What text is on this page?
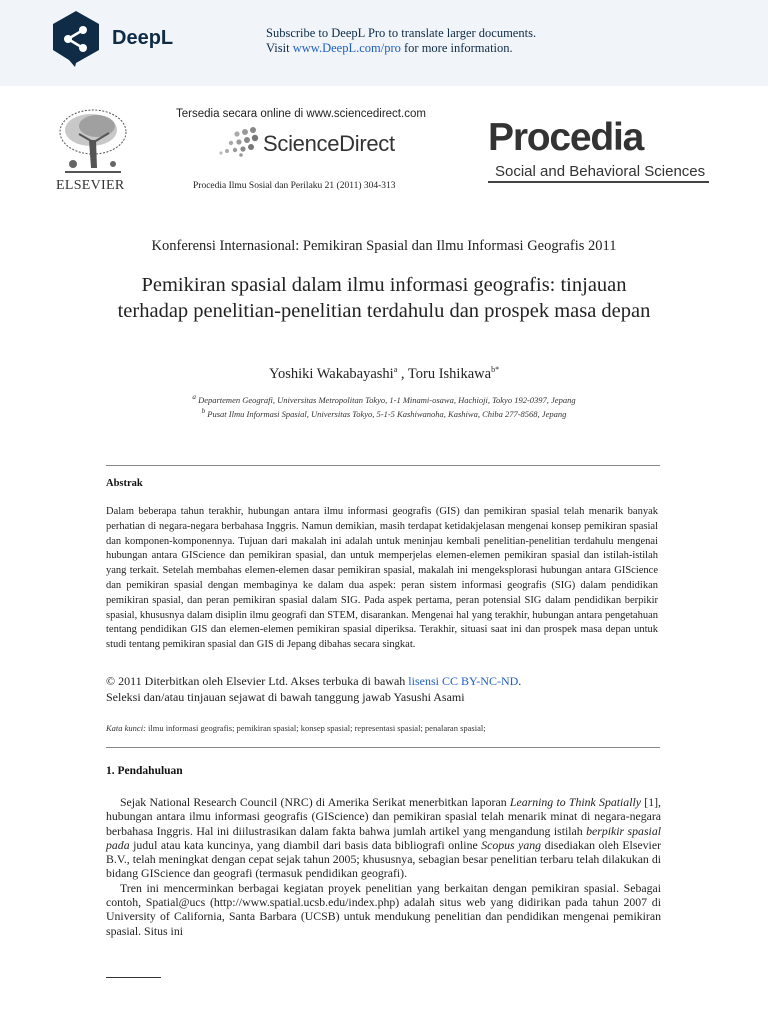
DeepL	Subscribe to DeepL Pro to translate larger documents.
Visit www.DeepL.com/pro for more information.
ELSEVIER
Tersedia secara online di www.sciencedirect.com
ScienceDirect
Procedia Ilmu Sosial dan Perilaku 21 (2011) 304-313
Procedia
Social and Behavioral Sciences
Konferensi Internasional: Pemikiran Spasial dan Ilmu Informasi Geografis 2011
Pemikiran spasial dalam ilmu informasi geografis: tinjauan terhadap penelitian-penelitian terdahulu dan prospek masa depan
Yoshiki Wakabayashi$^a$ , Toru Ishikawa$^{b*}$
$^a$ Departemen Geografi, Universitas Metropolitan Tokyo, 1-1 Minami-osawa, Hachioji, Tokyo 192-0397, Jepang
$^b$ Pusat Ilmu Informasi Spasial, Universitas Tokyo, 5-1-5 Kashiwanoha, Kashiwa, Chiba 277-8568, Jepang
Abstrak
Dalam beberapa tahun terakhir, hubungan antara ilmu informasi geografis (GIS) dan pemikiran spasial telah menarik banyak perhatian di negara-negara berbahasa Inggris. Namun demikian, masih terdapat ketidakjelasan mengenai konsep pemikiran spasial dan komponen-komponennya. Tujuan dari makalah ini adalah untuk meninjau kembali penelitian-penelitian terdahulu mengenai hubungan antara GIScience dan pemikiran spasial, dan untuk memperjelas elemen-elemen pemikiran spasial dan istilah-istilah yang terkait. Setelah membahas elemen-elemen dasar pemikiran spasial, makalah ini mengeksplorasi hubungan antara GIScience dan pemikiran spasial dengan membaginya ke dalam dua aspek: peran sistem informasi geografis (SIG) dalam pendidikan pemikiran spasial, dan peran pemikiran spasial dalam SIG. Pada aspek pertama, peran potensial SIG dalam pendidikan berpikir spasial, khususnya dalam disiplin ilmu geografi dan STEM, disarankan. Mengenai hal yang terakhir, hubungan antara pengetahuan tentang pendidikan GIS dan elemen-elemen pemikiran spasial diperiksa. Terakhir, situasi saat ini dan prospek masa depan untuk studi tentang pemikiran spasial dan GIS di Jepang dibahas secara singkat.
© 2011 Diterbitkan oleh Elsevier Ltd. Akses terbuka di bawah lisensi CC BY-NC-ND.
Seleksi dan/atau tinjauan sejawat di bawah tanggung jawab Yasushi Asami
Kata kunci: ilmu informasi geografis; pemikiran spasial; konsep spasial; representasi spasial; penalaran spasial;
1. Pendahuluan

Sejak National Research Council (NRC) di Amerika Serikat menerbitkan laporan Learning to Think Spatially [1], hubungan antara ilmu informasi geografis (GIScience) dan pemikiran spasial telah menarik minat di negara-negara berbahasa Inggris. Hal ini diilustrasikan dalam fakta bahwa jumlah artikel yang mengandung istilah berpikir spasial pada judul atau kata kuncinya, yang diambil dari basis data bibliografi online Scopus yang disediakan oleh Elsevier B.V., telah meningkat dengan cepat sejak tahun 2005; khususnya, sebagian besar penelitian terbaru telah dilakukan di bidang GIScience dan geografi (termasuk pendidikan geografi).

Tren ini mencerminkan berbagai kegiatan proyek penelitian yang berkaitan dengan pemikiran spasial. Sebagai contoh, Spatial@ucs (http://www.spatial.ucsb.edu/index.php) adalah situs web yang didirikan pada tahun 2007 di University of California, Santa Barbara (UCSB) untuk mendukung penelitian dan pendidikan mengenai pemikiran spasial. Situs ini
